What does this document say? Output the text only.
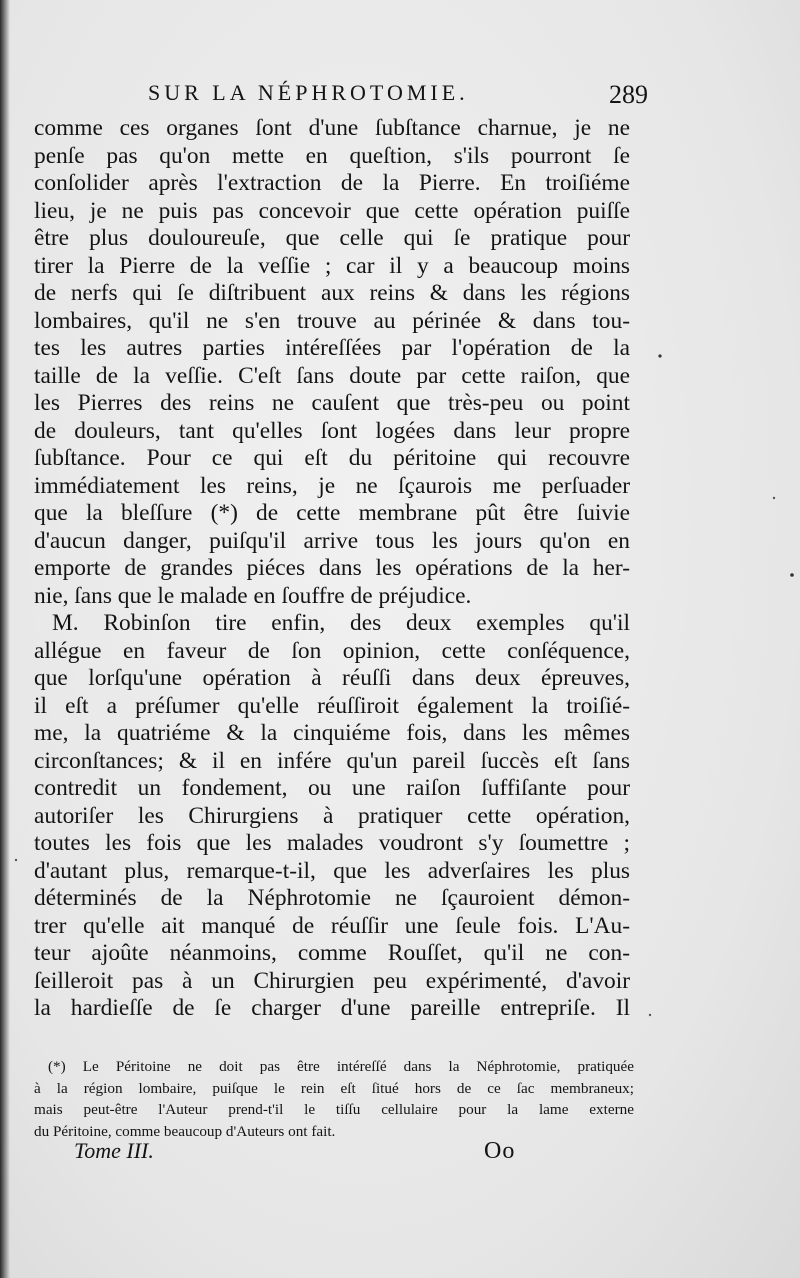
SUR LA NÉPHROTOMIE.	289
comme ces organes ſont d'une ſubſtance charnue, je ne
penſe pas qu'on mette en queſtion, s'ils pourront ſe
conſolider après l'extraction de la Pierre. En troiſiéme
lieu, je ne puis pas concevoir que cette opération puiſſe
être plus douloureuſe, que celle qui ſe pratique pour
tirer la Pierre de la veſſie ; car il y a beaucoup moins
de nerfs qui ſe diſtribuent aux reins & dans les régions
lombaires, qu'il ne s'en trouve au périnée & dans tou-
tes les autres parties intéreſſées par l'opération de la
taille de la veſſie. C'eſt ſans doute par cette raiſon, que
les Pierres des reins ne cauſent que très-peu ou point
de douleurs, tant qu'elles ſont logées dans leur propre
ſubſtance. Pour ce qui eſt du péritoine qui recouvre
immédiatement les reins, je ne ſçaurois me perſuader
que la bleſſure (*) de cette membrane pût être ſuivie
d'aucun danger, puiſqu'il arrive tous les jours qu'on en
emporte de grandes piéces dans les opérations de la her-
nie, ſans que le malade en ſouffre de préjudice.
M. Robinſon tire enfin, des deux exemples qu'il
allégue en faveur de ſon opinion, cette conſéquence,
que lorſqu'une opération à réuſſi dans deux épreuves,
il eſt a préſumer qu'elle réuſſiroit également la troiſié-
me, la quatriéme & la cinquiéme fois, dans les mêmes
circonſtances; & il en infére qu'un pareil ſuccès eſt ſans
contredit un fondement, ou une raiſon ſuffiſante pour
autoriſer les Chirurgiens à pratiquer cette opération,
toutes les fois que les malades voudront s'y ſoumettre ;
d'autant plus, remarque-t-il, que les adverſaires les plus
déterminés de la Néphrotomie ne ſçauroient démon-
trer qu'elle ait manqué de réuſſir une ſeule fois. L'Au-
teur ajoûte néanmoins, comme Rouſſet, qu'il ne con-
ſeilleroit pas à un Chirurgien peu expérimenté, d'avoir
la hardieſſe de ſe charger d'une pareille entrepriſe. Il
(*) Le Péritoine ne doit pas être intéreſſé dans la Néphrotomie, pratiquée
à la région lombaire, puiſque le rein eſt ſitué hors de ce ſac membraneux;
mais peut-être l'Auteur prend-t'il le tiſſu cellulaire pour la lame externe
du Péritoine, comme beaucoup d'Auteurs ont fait.
Tome III.	Oo
